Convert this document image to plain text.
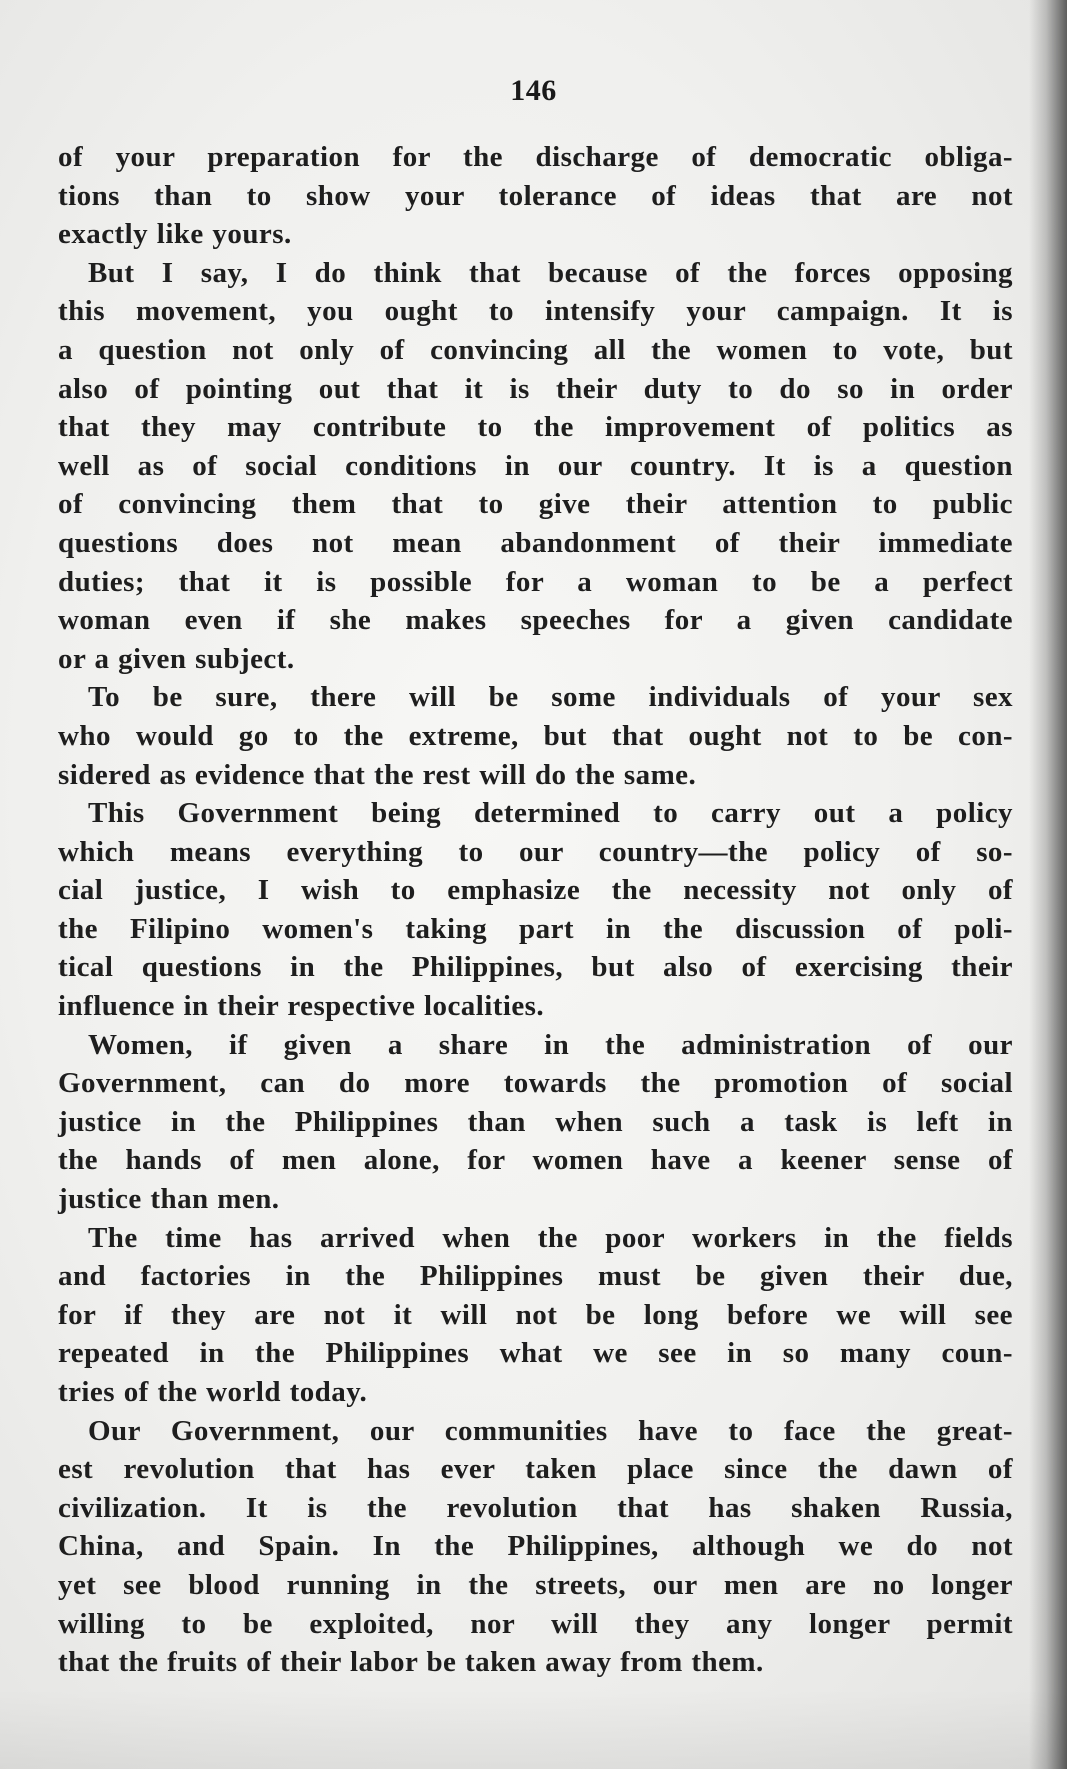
146
of your preparation for the discharge of democratic obliga-
tions than to show your tolerance of ideas that are not
exactly like yours.
But I say, I do think that because of the forces opposing
this movement, you ought to intensify your campaign. It is
a question not only of convincing all the women to vote, but
also of pointing out that it is their duty to do so in order
that they may contribute to the improvement of politics as
well as of social conditions in our country. It is a question
of convincing them that to give their attention to public
questions does not mean abandonment of their immediate
duties; that it is possible for a woman to be a perfect
woman even if she makes speeches for a given candidate
or a given subject.
To be sure, there will be some individuals of your sex
who would go to the extreme, but that ought not to be con-
sidered as evidence that the rest will do the same.
This Government being determined to carry out a policy
which means everything to our country—the policy of so-
cial justice, I wish to emphasize the necessity not only of
the Filipino women's taking part in the discussion of poli-
tical questions in the Philippines, but also of exercising their
influence in their respective localities.
Women, if given a share in the administration of our
Government, can do more towards the promotion of social
justice in the Philippines than when such a task is left in
the hands of men alone, for women have a keener sense of
justice than men.
The time has arrived when the poor workers in the fields
and factories in the Philippines must be given their due,
for if they are not it will not be long before we will see
repeated in the Philippines what we see in so many coun-
tries of the world today.
Our Government, our communities have to face the great-
est revolution that has ever taken place since the dawn of
civilization. It is the revolution that has shaken Russia,
China, and Spain. In the Philippines, although we do not
yet see blood running in the streets, our men are no longer
willing to be exploited, nor will they any longer permit
that the fruits of their labor be taken away from them.
